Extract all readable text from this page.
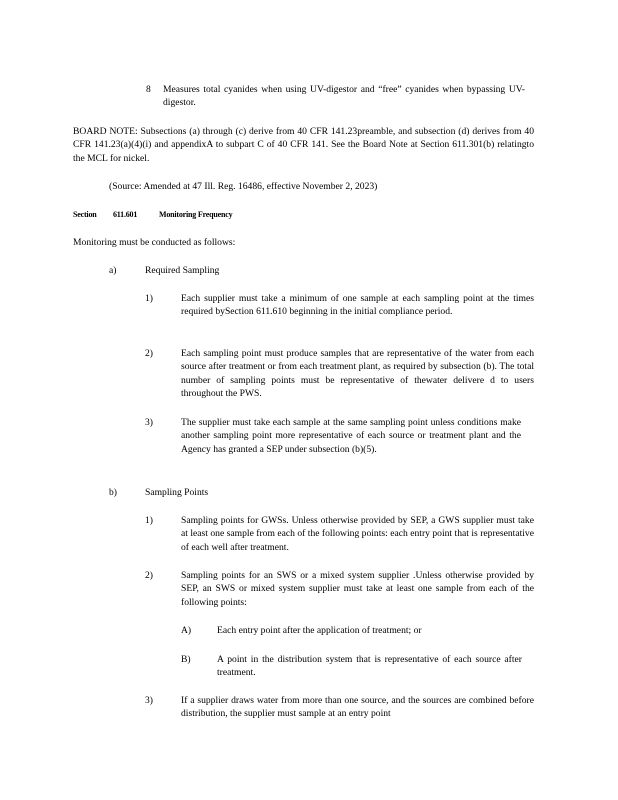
8 Measures total cyanides when using UV-digestor and “free” cyanides when bypassing UV-digestor.

BOARD NOTE: Subsections (a) through (c) derive from 40 CFR 141.23preamble, and subsection (d) derives from 40 CFR 141.23(a)(4)(i) and appendixA to subpart C of 40 CFR 141. See the Board Note at Section 611.301(b) relatingto the MCL for nickel.

(Source: Amended at 47 Ill. Reg. 16486, effective November 2, 2023)

Section 611.601	Monitoring Frequency

Monitoring must be conducted as follows:

a)	Required Sampling
1)	Each supplier must take a minimum of one sample at each sampling point at the times required bySection 611.610 beginning in the initial compliance period.

2)	Each sampling point must produce samples that are representative of the water from each source after treatment or from each treatment plant, as required by subsection (b). The total number of sampling points must be representative of thewater delivere d to users throughout the PWS.

3)	The supplier must take each sample at the same sampling point unless conditions make another sampling point more representative of each source or treatment plant and the Agency has granted a SEP under subsection (b)(5).

b)	Sampling Points
1)	Sampling points for GWSs. Unless otherwise provided by SEP, a GWS supplier must take at least one sample from each of the following points: each entry point that is representative of each well after treatment.

2)	Sampling points for an SWS or a mixed system supplier .Unless otherwise provided by SEP, an SWS or mixed system supplier must take at least one sample from each of the following points:

A)	Each entry point after the application of treatment; or

B)	A point in the distribution system that is representative of each source after treatment.

3)	If a supplier draws water from more than one source, and the sources are combined before distribution, the supplier must sample at an entry point
